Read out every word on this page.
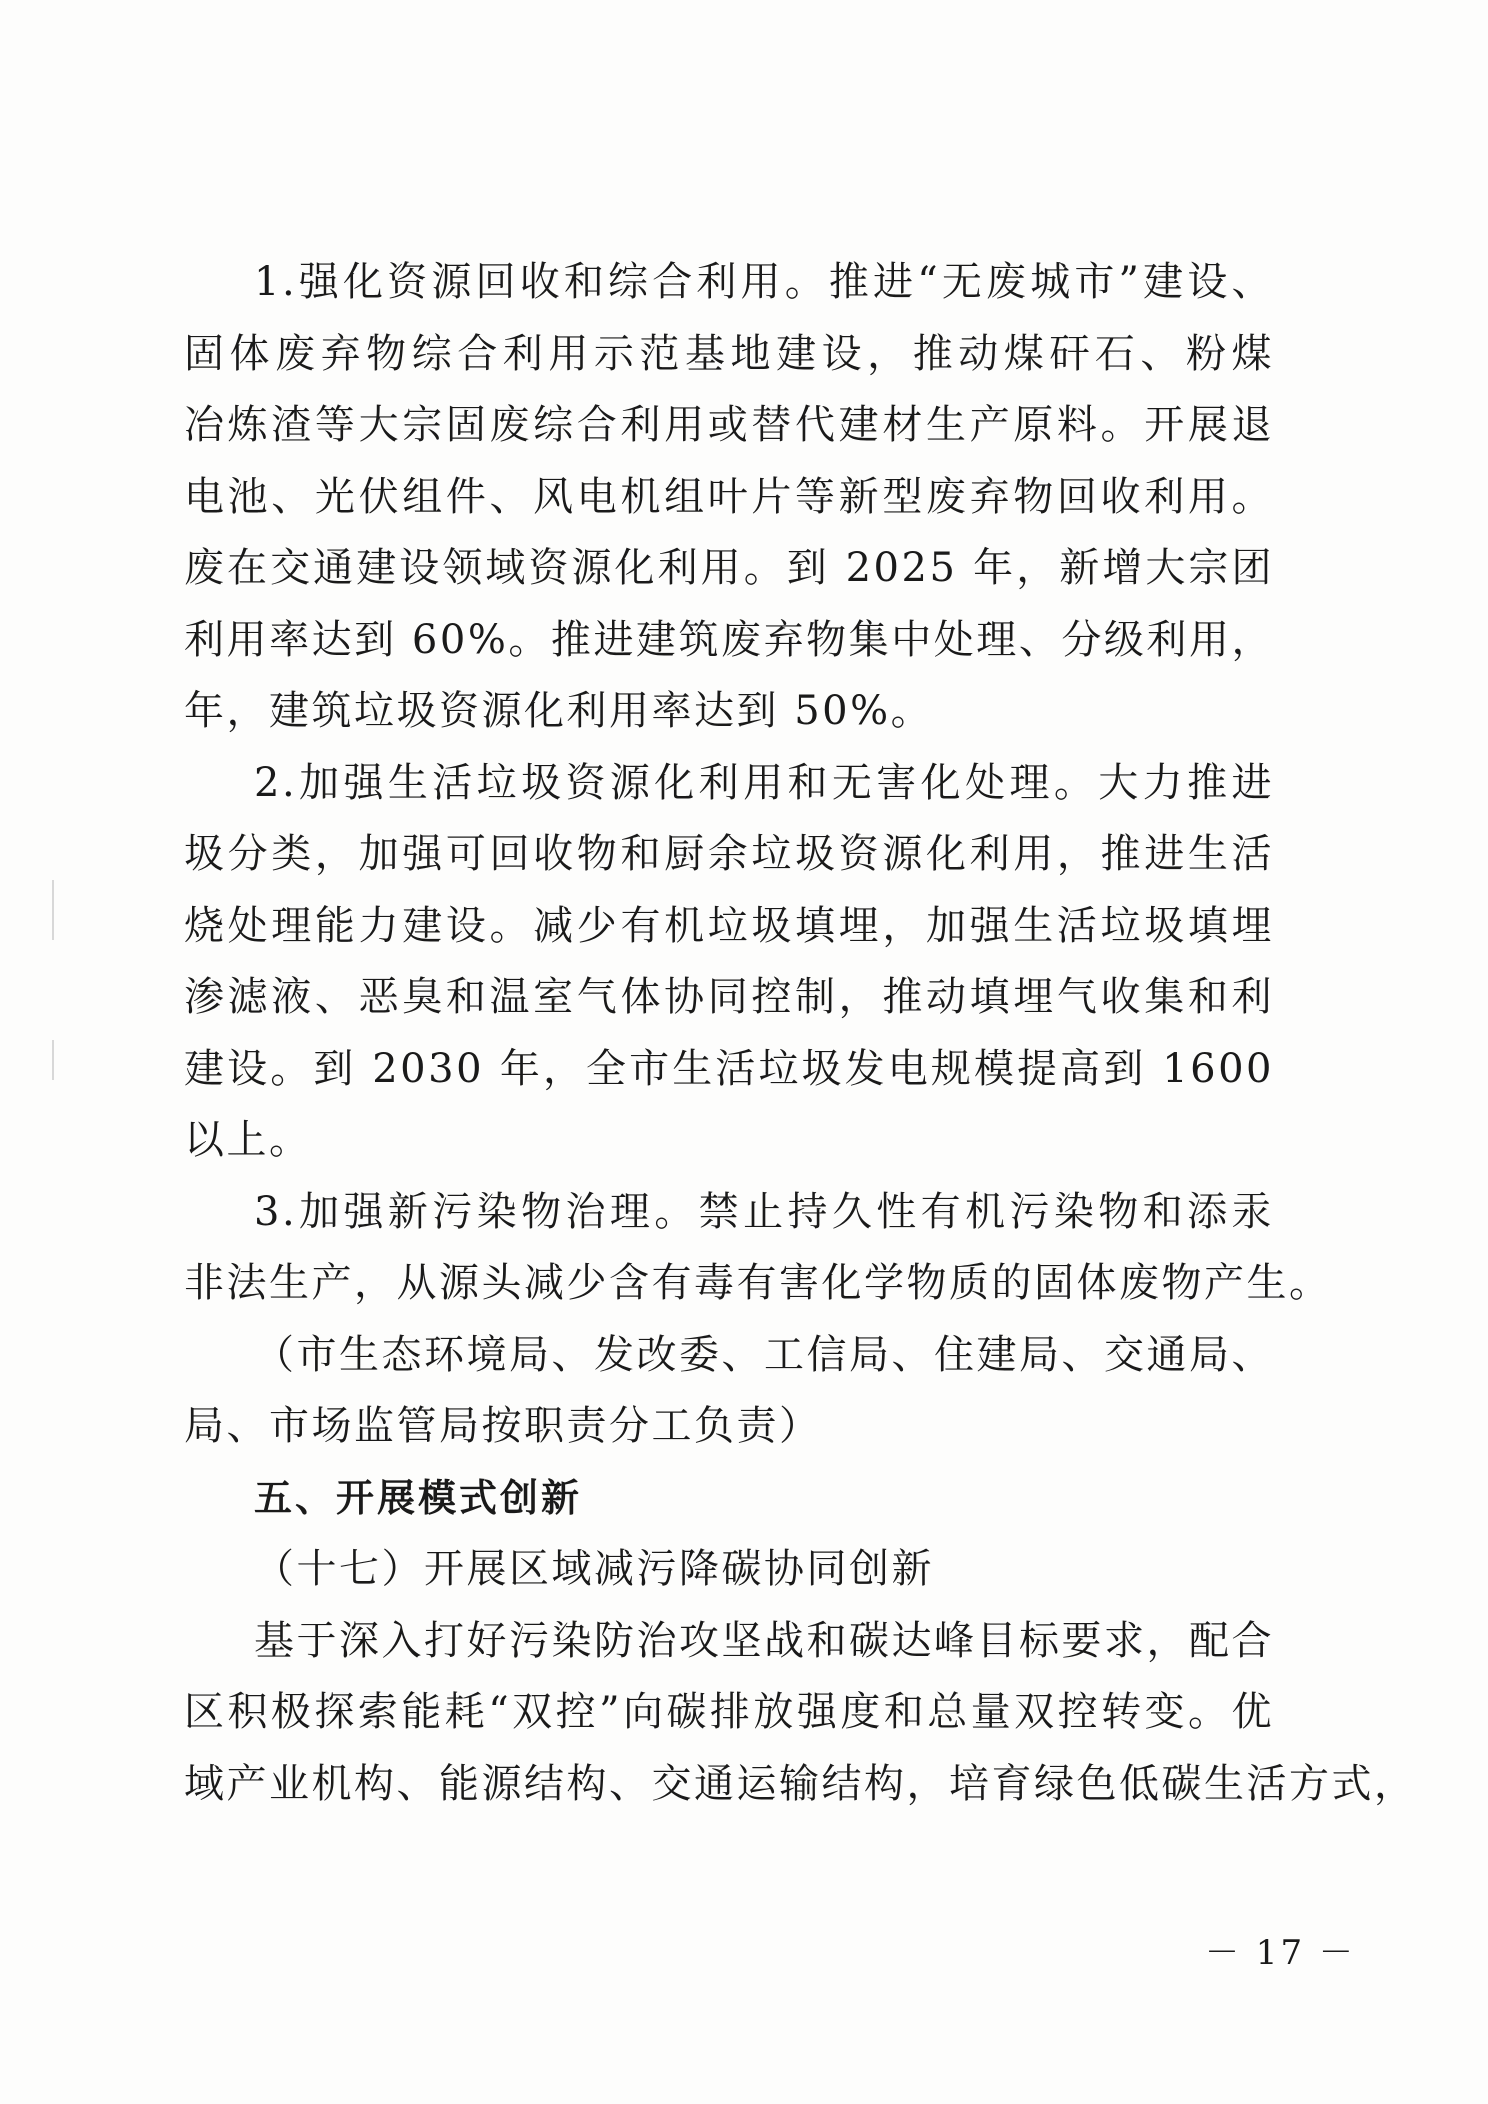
1.强化资源回收和综合利用。推进“无废城市”建设、
固体废弃物综合利用示范基地建设，推动煤矸石、粉煤
冶炼渣等大宗固废综合利用或替代建材生产原料。开展退
电池、光伏组件、风电机组叶片等新型废弃物回收利用。
废在交通建设领域资源化利用。到 2025 年，新增大宗团
利用率达到 60%。推进建筑废弃物集中处理、分级利用，
年，建筑垃圾资源化利用率达到 50%。
2.加强生活垃圾资源化利用和无害化处理。大力推进
圾分类，加强可回收物和厨余垃圾资源化利用，推进生活
烧处理能力建设。减少有机垃圾填埋，加强生活垃圾填埋
渗滤液、恶臭和温室气体协同控制，推动填埋气收集和利
建设。到 2030 年，全市生活垃圾发电规模提高到 1600
以上。
3.加强新污染物治理。禁止持久性有机污染物和添汞
非法生产，从源头减少含有毒有害化学物质的固体废物产生。
（市生态环境局、发改委、工信局、住建局、交通局、
局、市场监管局按职责分工负责）
五、开展模式创新
（十七）开展区域减污降碳协同创新
基于深入打好污染防治攻坚战和碳达峰目标要求，配合
区积极探索能耗“双控”向碳排放强度和总量双控转变。优
域产业机构、能源结构、交通运输结构，培育绿色低碳生活方式，
－ 17 －
